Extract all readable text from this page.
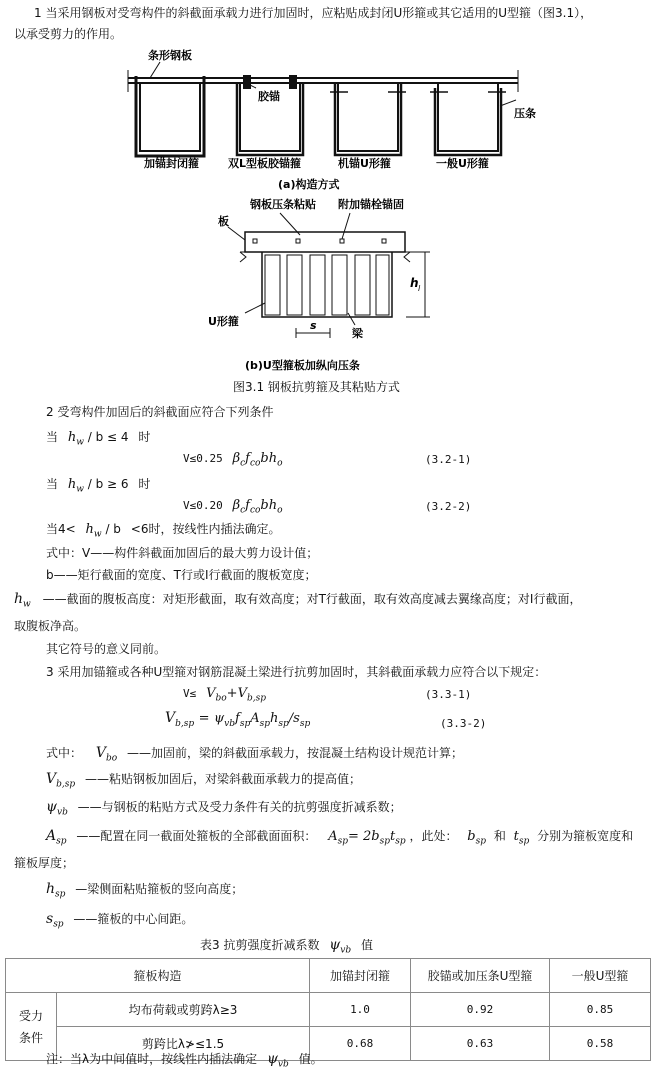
1 当采用钢板对受弯构件的斜截面承载力进行加固时，应粘贴成封闭U形箍或其它适用的U型箍（图3.1），
以承受剪力的作用。
条形钢板
胶锚
压条
加锚封闭箍	双L型板胶锚箍	机锚U形箍	一般U形箍
(a)构造方式
钢板压条粘贴 附加锚栓锚固
板
U形箍	s
梁
h l
(b)U型箍板加纵向压条
图3.1 钢板抗剪箍及其粘贴方式
2 受弯构件加固后的斜截面应符合下列条件
当 $h_w / b \le 4$ 时
V≤0.25 $\beta_cf_{co}bh_o$	(3.2-1)
当 $h_w / b \ge 6$ 时
V≤0.20 $\beta_cf_{co}bh_o$	(3.2-2)
当$4< h_w / b <6$时，按线性内插法确定。
式中：V——构件斜截面加固后的最大剪力设计值；
b——矩行截面的宽度、T行或I行截面的腹板宽度；
$h_w$ ——截面的腹板高度：对矩形截面，取有效高度；对T行截面，取有效高度减去翼缘高度；对I行截面，
取腹板净高。
其它符号的意义同前。
3 采用加锚箍或各种U型箍对钢筋混凝土梁进行抗剪加固时，其斜截面承载力应符合以下规定：
$V\le V_{bo}+V_{b,sp}$	(3.3-1)
$V_{b,sp} = \psi_{vb}f_{sp}A_{sp}h_{sp}/s_{sp}$	(3.3-2)
式中： $V_{bo}$ ——加固前，梁的斜截面承载力，按混凝土结构设计规范计算；
$V_{b,sp}$ ——粘贴钢板加固后，对梁斜截面承载力的提高值；
$\psi_{vb}$ ——与钢板的粘贴方式及受力条件有关的抗剪强度折减系数；
$A_{sp}$ ——配置在同一截面处箍板的全部截面面积： $A_{sp}= 2b_{sp}t_{sp}$ ，此处： $b_{sp}$ 和 $t_{sp}$ 分别为箍板宽度和
箍板厚度；
$h_{sp}$ —梁侧面粘贴箍板的竖向高度；
$s_{sp}$ ——箍板的中心间距。
表3 抗剪强度折减系数 $\psi_{vb}$ 值
箍板构造		加锚封闭箍	胶锚或加压条U型箍	一般U型箍
受力
条件	均布荷载或剪跨λ≥3	1.0	0.92	0.85
	剪跨比λ≯≤1.5	0.68	0.63	0.58
注：当λ为中间值时，按线性内插法确定 $\psi_{vb}$ 值。
